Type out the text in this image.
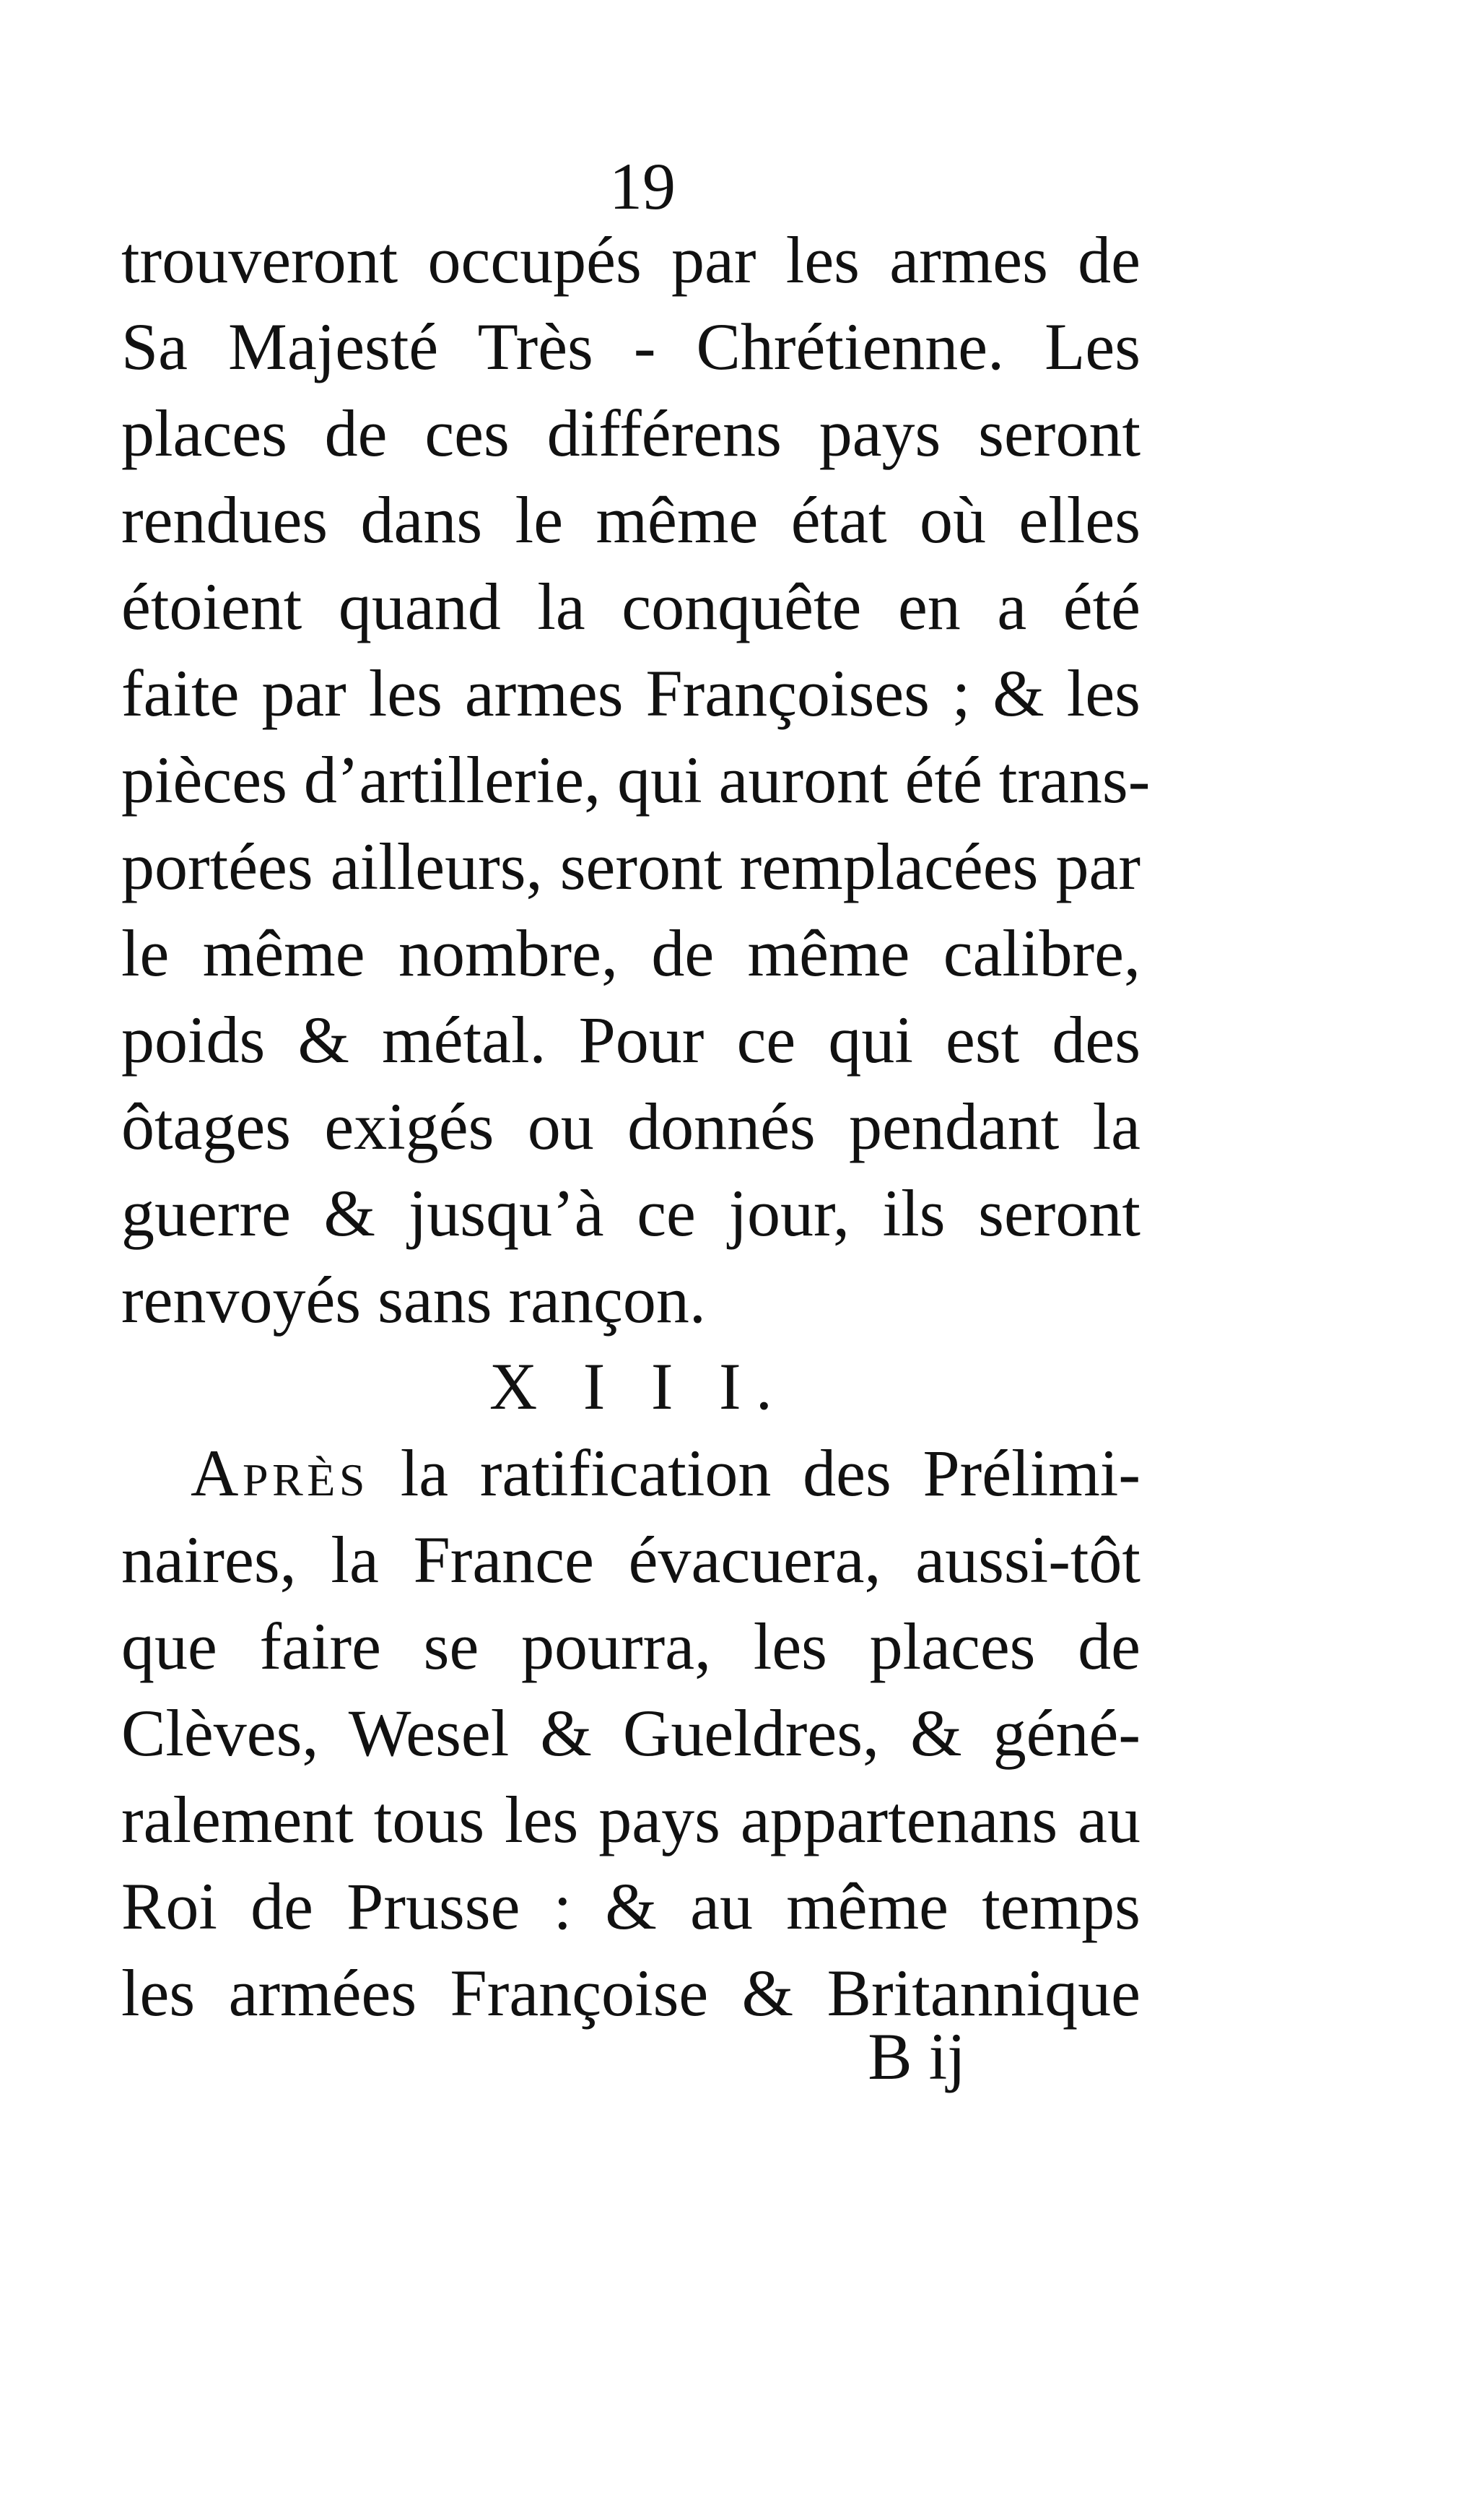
19
trouveront occupés par les armes de
Sa Majesté Très - Chrétienne. Les
places de ces différens pays seront
rendues dans le même état où elles
étoient quand la conquête en a été
faite par les armes Françoises ; & les
pièces d’artillerie, qui auront été trans-
portées ailleurs, seront remplacées par
le même nombre, de même calibre,
poids & métal. Pour ce qui est des
ôtages exigés ou donnés pendant la
guerre & jusqu’à ce jour, ils seront
renvoyés sans rançon.
X I I I.
Après la ratification des Prélimi-
naires, la France évacuera, aussi-tôt
que faire se pourra, les places de
Clèves, Wesel & Gueldres, & géné-
ralement tous les pays appartenans au
Roi de Prusse : & au même temps
les armées Françoise & Britannique
B ij
